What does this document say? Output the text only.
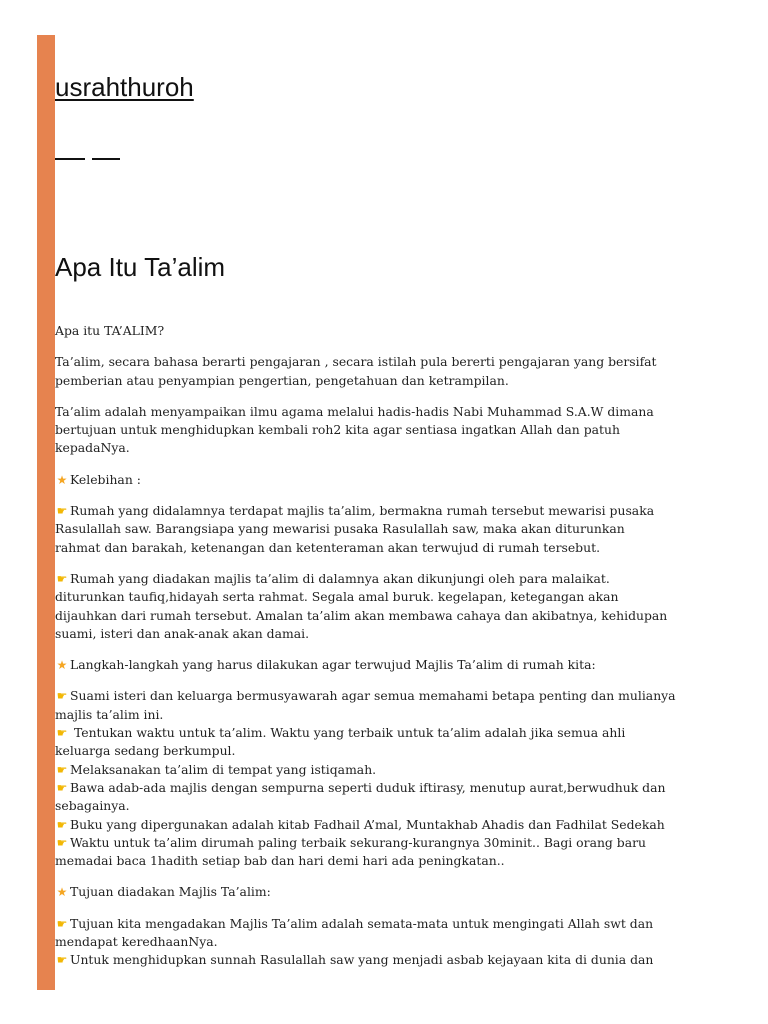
usrahthuroh
Apa Itu Ta’alim

Apa itu TA’ALIM?

Ta’alim, secara bahasa berarti pengajaran , secara istilah pula bererti pengajaran yang bersifat
pemberian atau penyampian pengertian, pengetahuan dan ketrampilan.

Ta’alim adalah menyampaikan ilmu agama melalui hadis-hadis Nabi Muhammad S.A.W dimana
bertujuan untuk menghidupkan kembali roh2 kita agar sentiasa ingatkan Allah dan patuh
kepadaNya.

★ Kelebihan :

☛ Rumah yang didalamnya terdapat majlis ta’alim, bermakna rumah tersebut mewarisi pusaka
Rasulallah saw. Barangsiapa yang mewarisi pusaka Rasulallah saw, maka akan diturunkan
rahmat dan barakah, ketenangan dan ketenteraman akan terwujud di rumah tersebut.

☛ Rumah yang diadakan majlis ta’alim di dalamnya akan dikunjungi oleh para malaikat.
diturunkan taufiq,hidayah serta rahmat. Segala amal buruk. kegelapan, ketegangan akan
dijauhkan dari rumah tersebut. Amalan ta’alim akan membawa cahaya dan akibatnya, kehidupan
suami, isteri dan anak-anak akan damai.

★ Langkah-langkah yang harus dilakukan agar terwujud Majlis Ta’alim di rumah kita:

☛ Suami isteri dan keluarga bermusyawarah agar semua memahami betapa penting dan mulianya
majlis ta’alim ini.
☛ Tentukan waktu untuk ta’alim. Waktu yang terbaik untuk ta’alim adalah jika semua ahli
keluarga sedang berkumpul.
☛ Melaksanakan ta’alim di tempat yang istiqamah.
☛ Bawa adab-ada majlis dengan sempurna seperti duduk iftirasy, menutup aurat,berwudhuk dan
sebagainya.
☛ Buku yang dipergunakan adalah kitab Fadhail A’mal, Muntakhab Ahadis dan Fadhilat Sedekah
☛ Waktu untuk ta’alim dirumah paling terbaik sekurang-kurangnya 30minit.. Bagi orang baru
memadai baca 1hadith setiap bab dan hari demi hari ada peningkatan..

★ Tujuan diadakan Majlis Ta’alim:

☛ Tujuan kita mengadakan Majlis Ta’alim adalah semata-mata untuk mengingati Allah swt dan
mendapat keredhaanNya.
☛ Untuk menghidupkan sunnah Rasulallah saw yang menjadi asbab kejayaan kita di dunia dan
